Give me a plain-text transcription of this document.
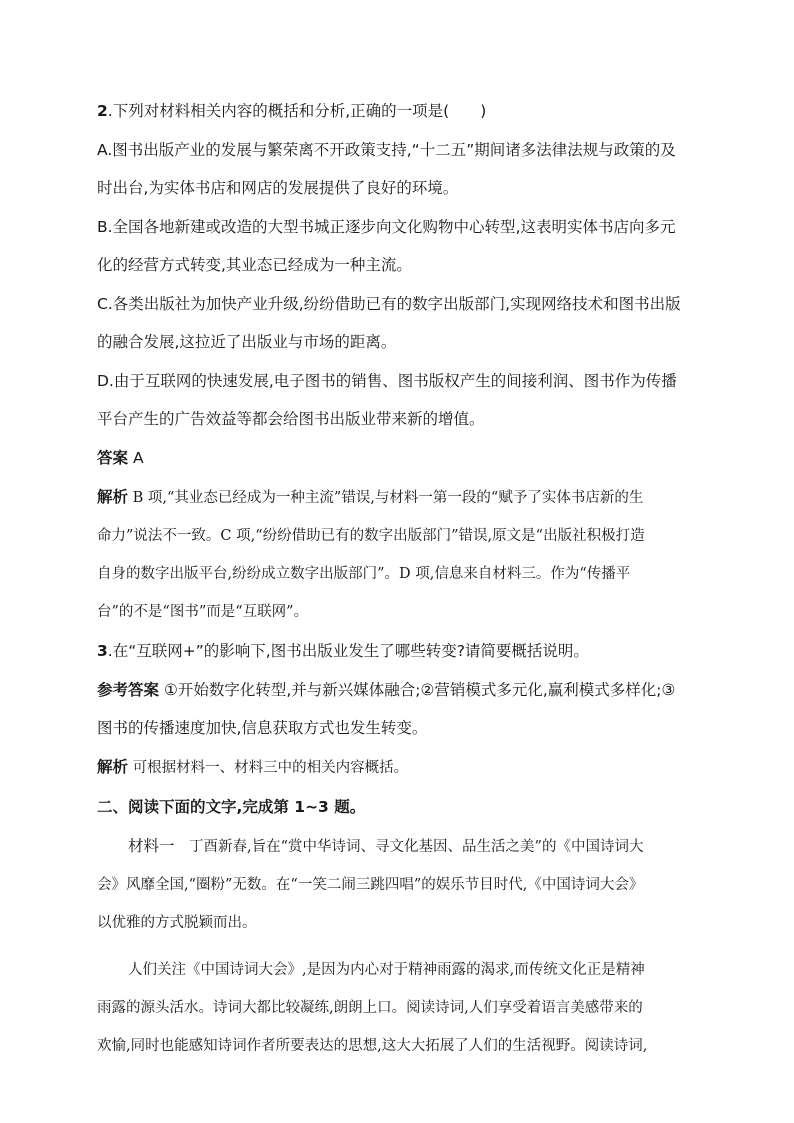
2.下列对材料相关内容的概括和分析,正确的一项是(　　)

A.图书出版产业的发展与繁荣离不开政策支持,“十二五”期间诸多法律法规与政策的及

时出台,为实体书店和网店的发展提供了良好的环境。

B.全国各地新建或改造的大型书城正逐步向文化购物中心转型,这表明实体书店向多元

化的经营方式转变,其业态已经成为一种主流。

C.各类出版社为加快产业升级,纷纷借助已有的数字出版部门,实现网络技术和图书出版

的融合发展,这拉近了出版业与市场的距离。

D.由于互联网的快速发展,电子图书的销售、图书版权产生的间接利润、图书作为传播

平台产生的广告效益等都会给图书出版业带来新的增值。

答案 A

解析 B 项,“其业态已经成为一种主流”错误,与材料一第一段的“赋予了实体书店新的生

命力”说法不一致。C 项,“纷纷借助已有的数字出版部门”错误,原文是“出版社积极打造

自身的数字出版平台,纷纷成立数字出版部门”。D 项,信息来自材料三。作为“传播平

台”的不是“图书”而是“互联网”。

3.在“互联网+”的影响下,图书出版业发生了哪些转变?请简要概括说明。

参考答案 ①开始数字化转型,并与新兴媒体融合;②营销模式多元化,赢利模式多样化;③

图书的传播速度加快,信息获取方式也发生转变。

解析 可根据材料一、材料三中的相关内容概括。

二、阅读下面的文字,完成第 1~3 题。

材料一　丁酉新春,旨在“赏中华诗词、寻文化基因、品生活之美”的《中国诗词大

会》风靡全国,“圈粉”无数。在“一笑二闹三跳四唱”的娱乐节目时代,《中国诗词大会》

以优雅的方式脱颖而出。

人们关注《中国诗词大会》,是因为内心对于精神雨露的渴求,而传统文化正是精神

雨露的源头活水。诗词大都比较凝练,朗朗上口。阅读诗词,人们享受着语言美感带来的

欢愉,同时也能感知诗词作者所要表达的思想,这大大拓展了人们的生活视野。阅读诗词,
